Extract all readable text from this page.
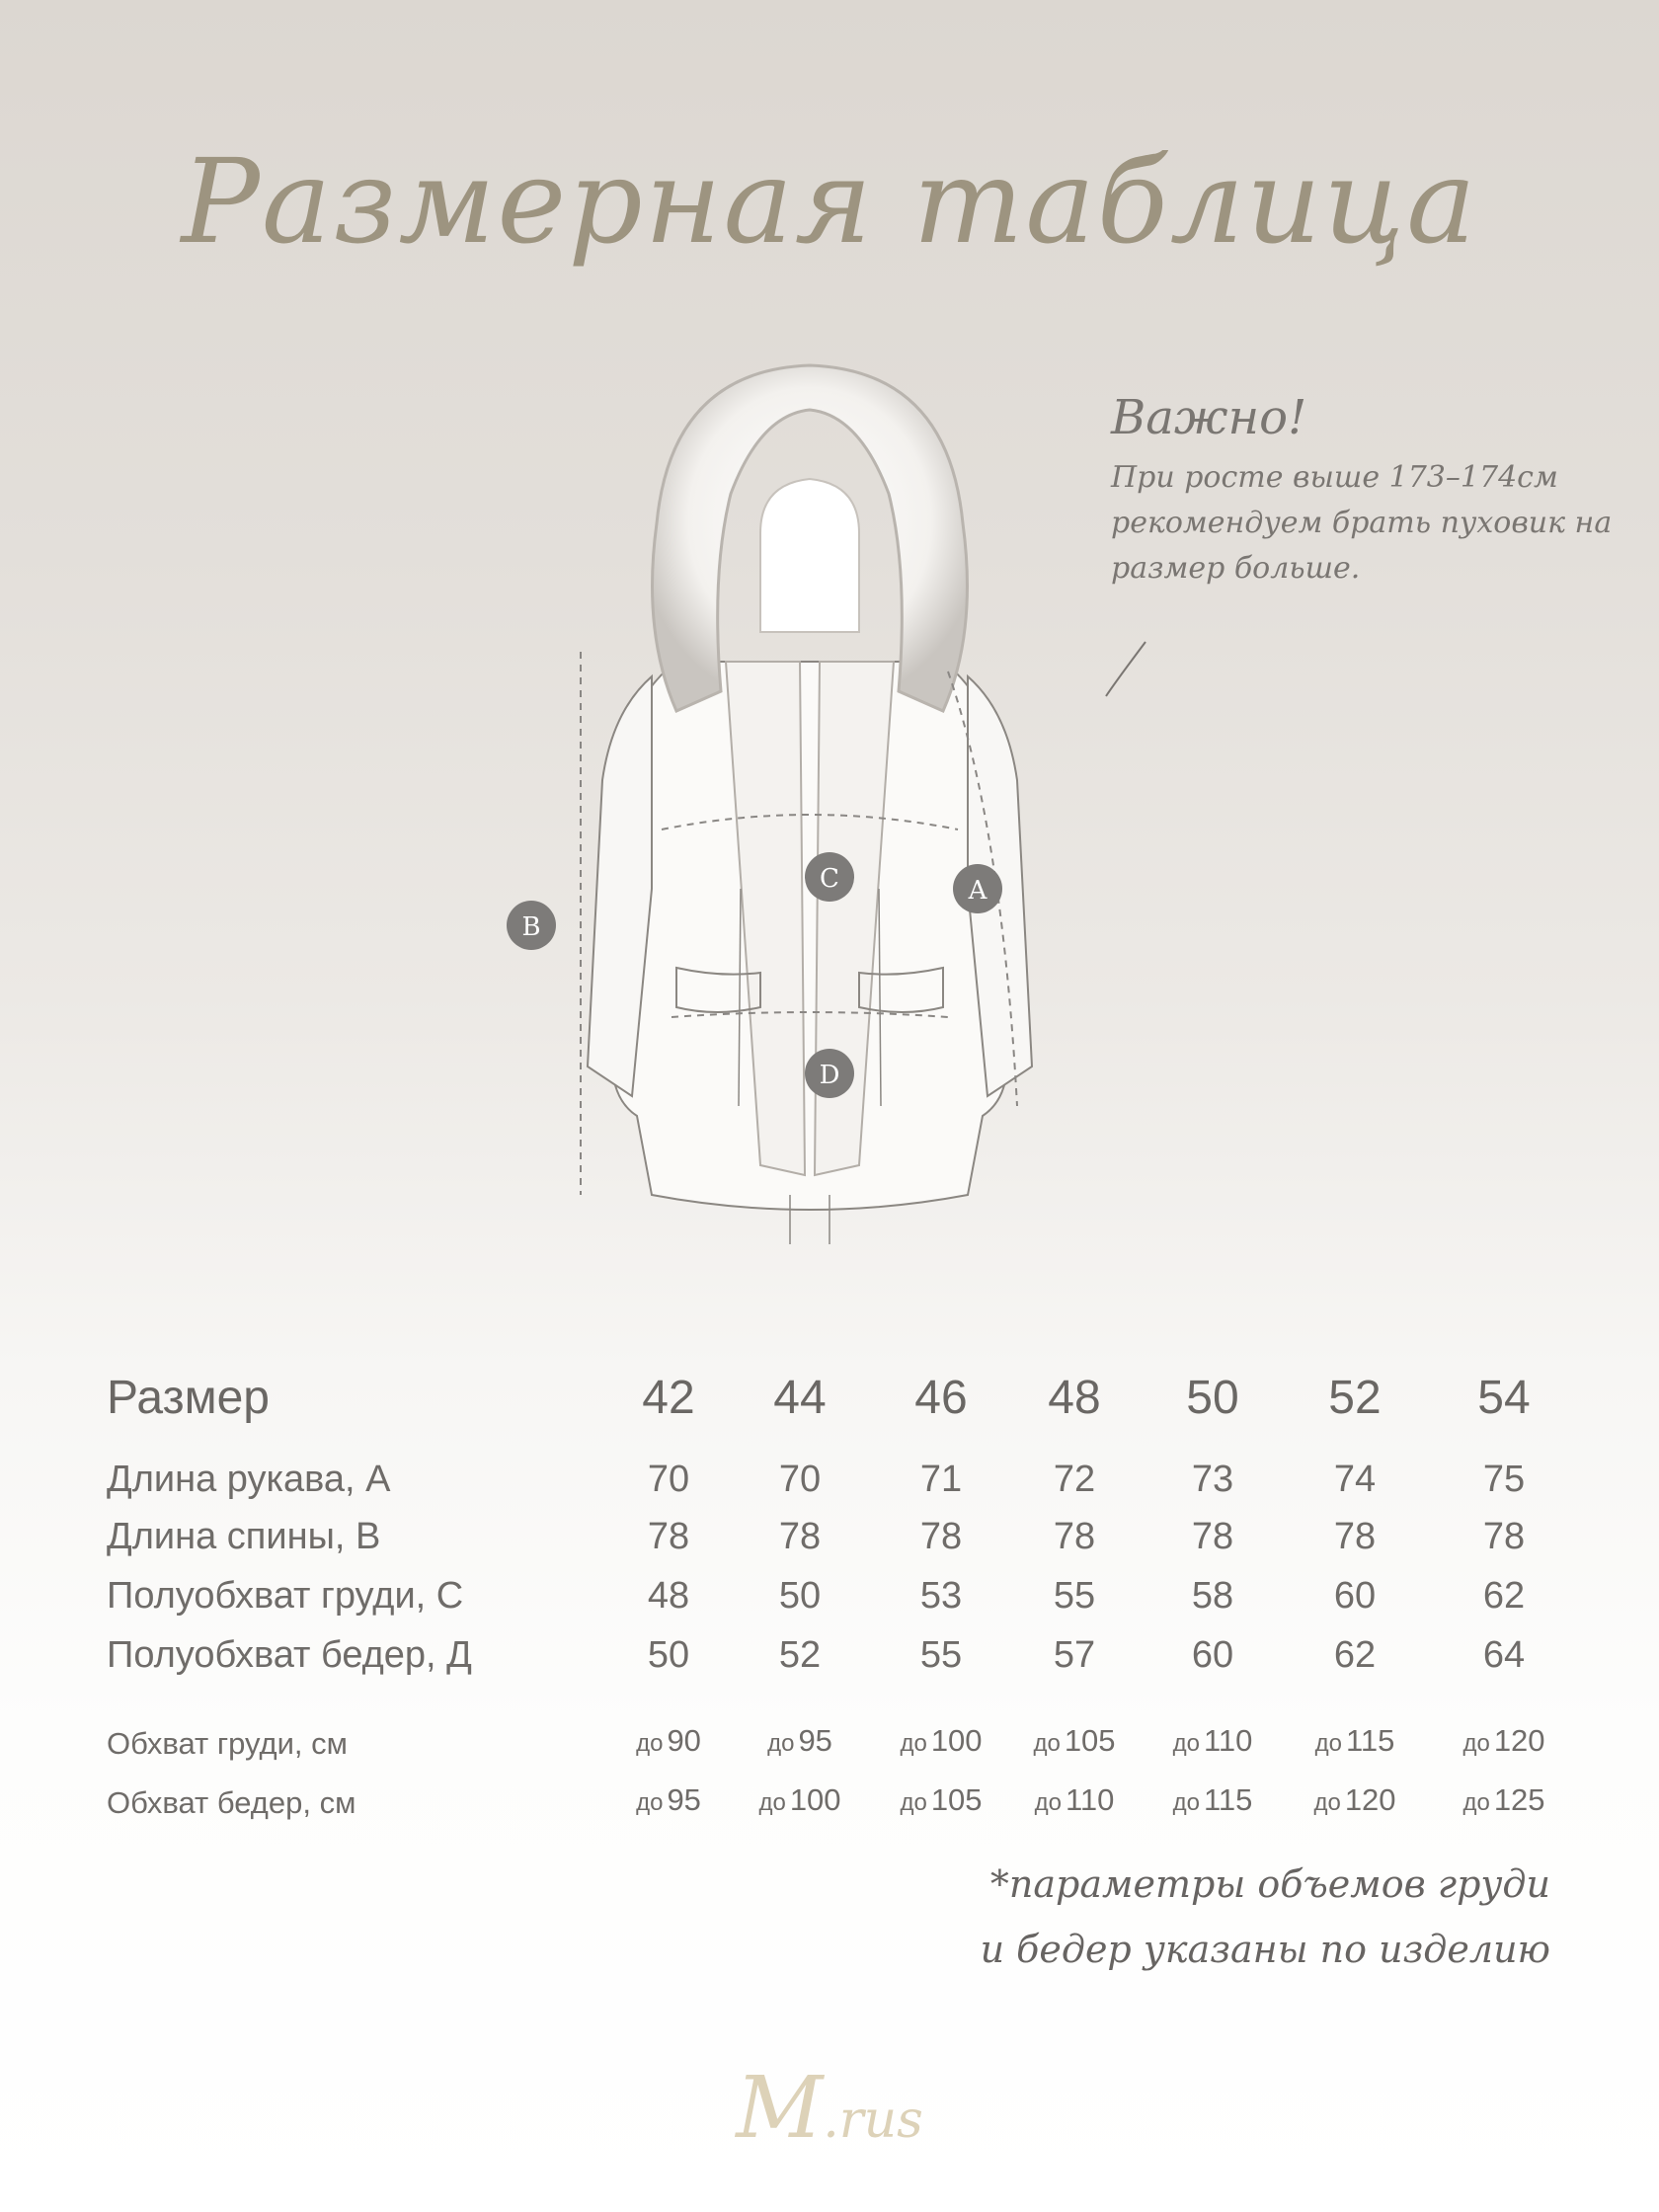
Размерная таблица
Важно!
При росте выше 173–174см рекомендуем брать пуховик на размер больше.
A
B
C
D
Размер	42	44	46	48	50	52	54
Длина рукава, А	70	70	71	72	73	74	75
Длина спины, В	78	78	78	78	78	78	78
Полуобхват груди, С	48	50	53	55	58	60	62
Полуобхват бедер, Д	50	52	55	57	60	62	64
Обхват груди, см	до 90	до 95	до 100	до 105	до 110	до 115	до 120
Обхват бедер, см	до 95	до 100	до 105	до 110	до 115	до 120	до 125
*параметры объемов груди
и бедер указаны по изделию
M.rus
